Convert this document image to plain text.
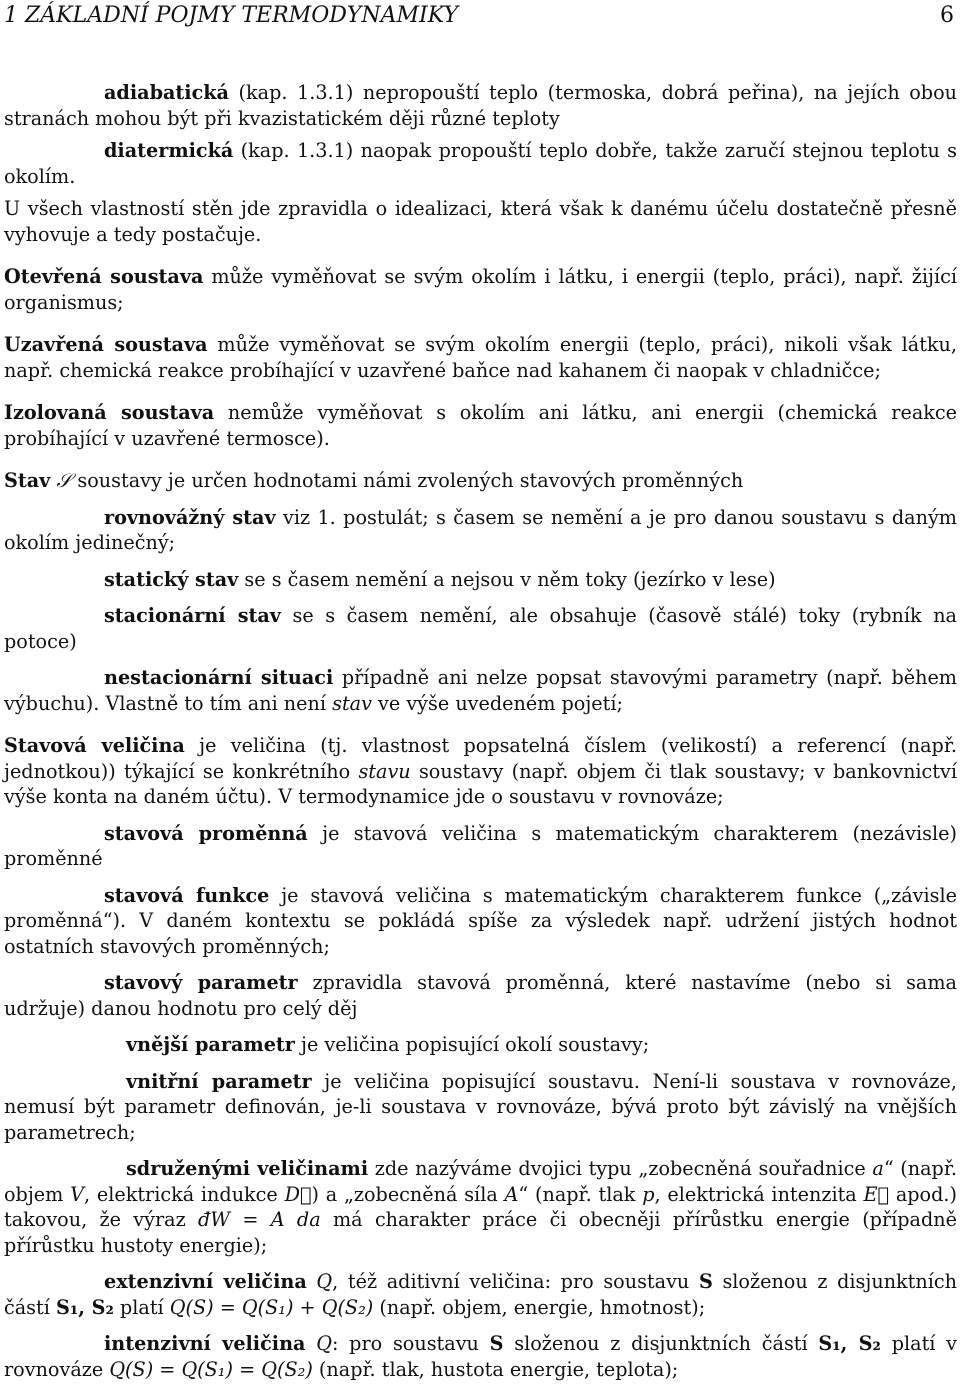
1 ZÁKLADNÍ POJMY TERMODYNAMIKY	6

adiabatická (kap. 1.3.1) nepropouští teplo (termoska, dobrá peřina), na jejích obou stranách mohou být při kvazistatickém ději různé teploty

diatermická (kap. 1.3.1) naopak propouští teplo dobře, takže zaručí stejnou teplotu s okolím.

U všech vlastností stěn jde zpravidla o idealizaci, která však k danému účelu dostatečně přesně vyhovuje a tedy postačuje.

Otevřená soustava může vyměňovat se svým okolím i látku, i energii (teplo, práci), např. žijící organismus;

Uzavřená soustava může vyměňovat se svým okolím energii (teplo, práci), nikoli však látku, např. chemická reakce probíhající v uzavřené baňce nad kahanem či naopak v chladničce;

Izolovaná soustava nemůže vyměňovat s okolím ani látku, ani energii (chemická reakce probíhající v uzavřené termosce).

Stav 𝒮 soustavy je určen hodnotami námi zvolených stavových proměnných

rovnovážný stav viz 1. postulát; s časem se nemění a je pro danou soustavu s daným okolím jedinečný;

statický stav se s časem nemění a nejsou v něm toky (jezírko v lese)

stacionární stav se s časem nemění, ale obsahuje (časově stálé) toky (rybník na potoce)

nestacionární situaci případně ani nelze popsat stavovými parametry (např. během výbuchu). Vlastně to tím ani není stav ve výše uvedeném pojetí;

Stavová veličina je veličina (tj. vlastnost popsatelná číslem (velikostí) a referencí (např. jednotkou)) týkající se konkrétního stavu soustavy (např. objem či tlak soustavy; v bankovnictví výše konta na daném účtu). V termodynamice jde o soustavu v rovnováze;

stavová proměnná je stavová veličina s matematickým charakterem (nezávisle) proměnné

stavová funkce je stavová veličina s matematickým charakterem funkce („závisle proměnná“). V daném kontextu se pokládá spíše za výsledek např. udržení jistých hodnot ostatních stavových proměnných;

stavový parametr zpravidla stavová proměnná, které nastavíme (nebo si sama udržuje) danou hodnotu pro celý děj

vnější parametr je veličina popisující okolí soustavy;

vnitřní parametr je veličina popisující soustavu. Není-li soustava v rovnováze, nemusí být parametr definován, je-li soustava v rovnováze, bývá proto být závislý na vnějších parametrech;

sdruženými veličinami zde nazýváme dvojici typu „zobecněná souřadnice a“ (např. objem V, elektrická indukce D⃗) a „zobecněná síla A“ (např. tlak p, elektrická intenzita E⃗ apod.) takovou, že výraz đW = A da má charakter práce či obecněji přírůstku energie (případně přírůstku hustoty energie);

extenzivní veličina Q, též aditivní veličina: pro soustavu S složenou z disjunktních částí S₁, S₂ platí Q(S) = Q(S₁) + Q(S₂) (např. objem, energie, hmotnost);

intenzivní veličina Q: pro soustavu S složenou z disjunktních částí S₁, S₂ platí v rovnováze Q(S) = Q(S₁) = Q(S₂) (např. tlak, hustota energie, teplota);
